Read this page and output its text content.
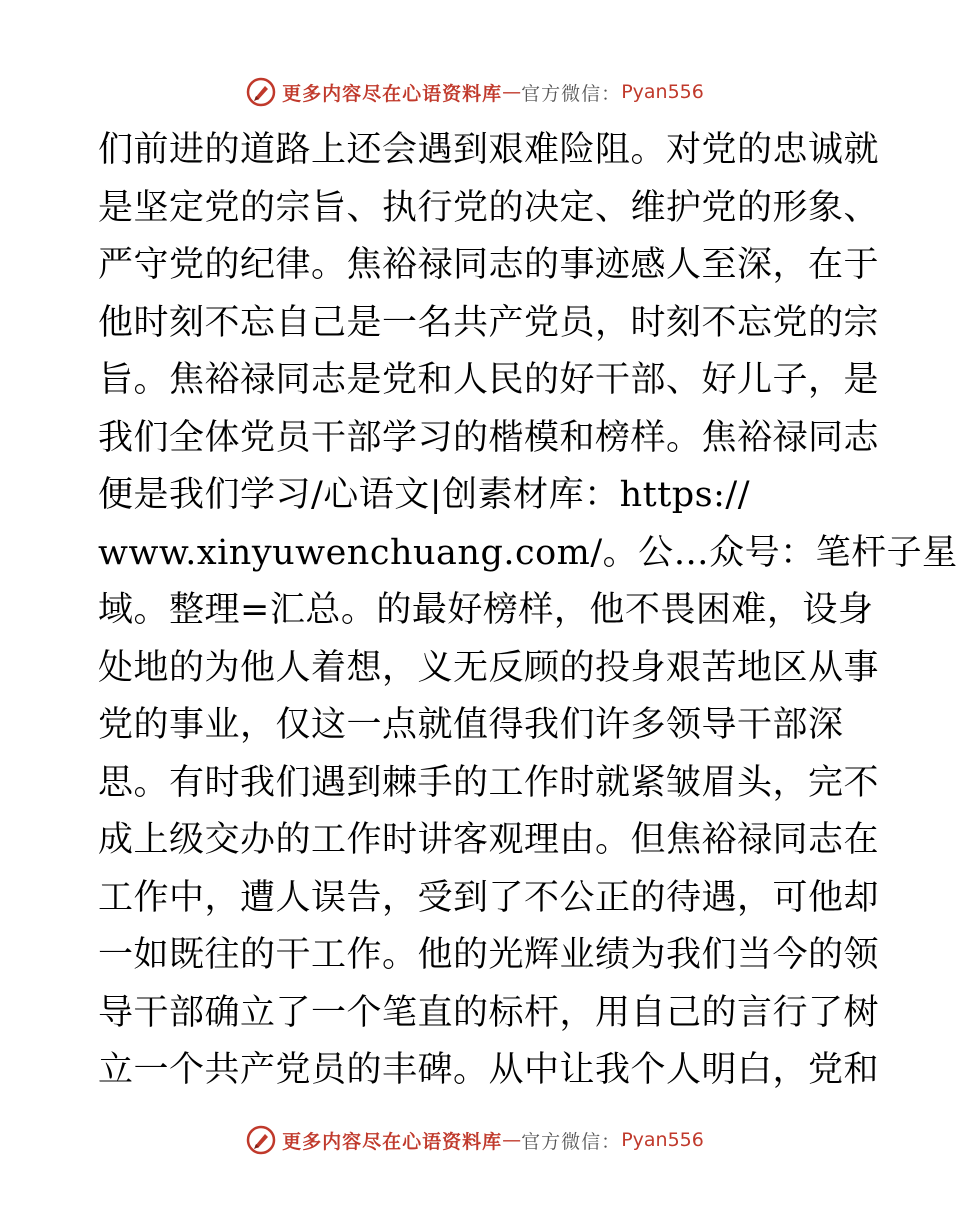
更多内容尽在心语资料库 — 官方微信： Pyan556
们前进的道路上还会遇到艰难险阻。对党的忠诚就
是坚定党的宗旨、执行党的决定、维护党的形象、
严守党的纪律。焦裕禄同志的事迹感人至深，在于
他时刻不忘自己是一名共产党员，时刻不忘党的宗
旨。焦裕禄同志是党和人民的好干部、好儿子，是
我们全体党员干部学习的楷模和榜样。焦裕禄同志
便是我们学习/心语文|创素材库：https://
www.xinyuwenchuang.com/。公…众号：笔杆子星
域。整理=汇总。的最好榜样，他不畏困难，设身
处地的为他人着想，义无反顾的投身艰苦地区从事
党的事业，仅这一点就值得我们许多领导干部深
思。有时我们遇到棘手的工作时就紧皱眉头，完不
成上级交办的工作时讲客观理由。但焦裕禄同志在
工作中，遭人误告，受到了不公正的待遇，可他却
一如既往的干工作。他的光辉业绩为我们当今的领
导干部确立了一个笔直的标杆，用自己的言行了树
立一个共产党员的丰碑。从中让我个人明白，党和
更多内容尽在心语资料库 — 官方微信： Pyan556
